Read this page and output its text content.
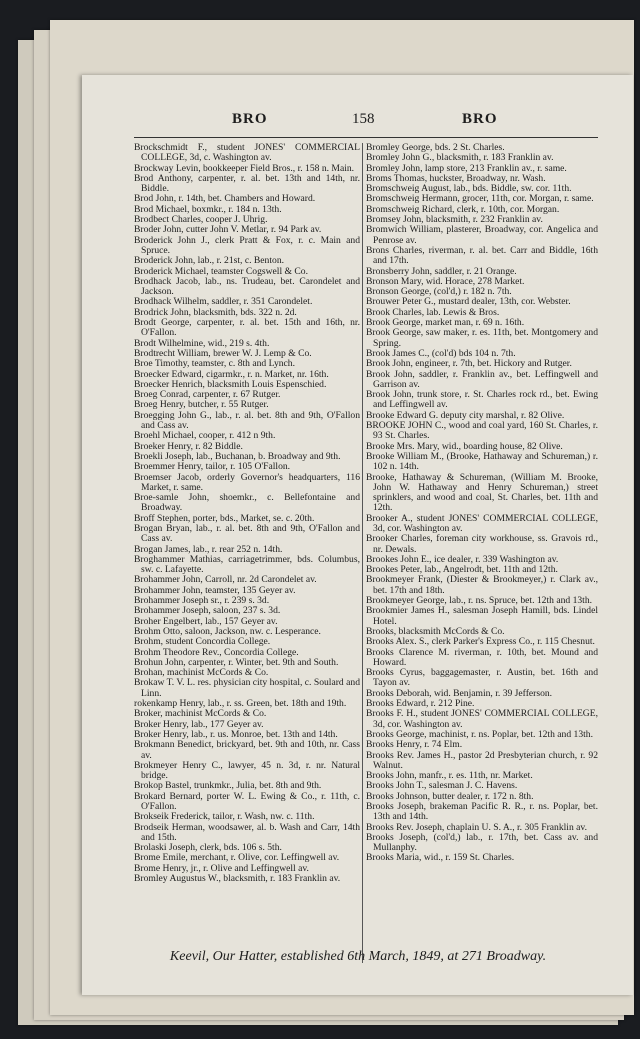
BRO	158	BRO

Brockschmidt F., student JONES' COMMERCIAL COLLEGE, 3d, c. Washington av.

Brockway Levin, bookkeeper Field Bros., r. 158 n. Main.

Brod Anthony, carpenter, r. al. bet. 13th and 14th, nr. Biddle.

Brod John, r. 14th, bet. Chambers and Howard.

Brod Michael, boxmkr., r. 184 n. 13th.

Brodbect Charles, cooper J. Uhrig.

Broder John, cutter John V. Metlar, r. 94 Park av.

Broderick John J., clerk Pratt & Fox, r. c. Main and Spruce.

Broderick John, lab., r. 21st, c. Benton.

Broderick Michael, teamster Cogswell & Co.

Brodhack Jacob, lab., ns. Trudeau, bet. Carondelet and Jackson.

Brodhack Wilhelm, saddler, r. 351 Carondelet.

Brodrick John, blacksmith, bds. 322 n. 2d.

Brodt George, carpenter, r. al. bet. 15th and 16th, nr. O'Fallon.

Brodt Wilhelmine, wid., 219 s. 4th.

Brodtrecht William, brewer W. J. Lemp & Co.

Broe Timothy, teamster, c. 8th and Lynch.

Broecker Edward, cigarmkr., r. n. Market, nr. 16th.

Broecker Henrich, blacksmith Louis Espenschied.

Broeg Conrad, carpenter, r. 67 Rutger.

Broeg Henry, butcher, r. 55 Rutger.

Broegging John G., lab., r. al. bet. 8th and 9th, O'Fallon and Cass av.

Broehl Michael, cooper, r. 412 n 9th.

Broeker Henry, r. 82 Biddle.

Broekli Joseph, lab., Buchanan, b. Broadway and 9th.

Broemmer Henry, tailor, r. 105 O'Fallon.

Broemser Jacob, orderly Governor's headquarters, 116 Market, r. same.

Broe-samle John, shoemkr., c. Bellefontaine and Broadway.

Broff Stephen, porter, bds., Market, se. c. 20th.

Brogan Bryan, lab., r. al. bet. 8th and 9th, O'Fallon and Cass av.

Brogan James, lab., r. rear 252 n. 14th.

Broghammer Mathias, carriagetrimmer, bds. Columbus, sw. c. Lafayette.

Brohammer John, Carroll, nr. 2d Carondelet av.

Brohammer John, teamster, 135 Geyer av.

Brohammer Joseph sr., r. 239 s. 3d.

Brohammer Joseph, saloon, 237 s. 3d.

Broher Engelbert, lab., 157 Geyer av.

Brohm Otto, saloon, Jackson, nw. c. Lesperance.

Brohm, student Concordia College.

Brohm Theodore Rev., Concordia College.

Brohun John, carpenter, r. Winter, bet. 9th and South.

Brohan, machinist McCords & Co.

Brokaw T. V. L. res. physician city hospital, c. Soulard and Linn.

rokenkamp Henry, lab., r. ss. Green, bet. 18th and 19th.

Broker, machinist McCords & Co.

Broker Henry, lab., 177 Geyer av.

Broker Henry, lab., r. us. Monroe, bet. 13th and 14th.

Brokmann Benedict, brickyard, bet. 9th and 10th, nr. Cass av.

Brokmeyer Henry C., lawyer, 45 n. 3d, r. nr. Natural bridge.

Brokop Bastel, trunkmkr., Julia, bet. 8th and 9th.

Brokard Bernard, porter W. L. Ewing & Co., r. 11th, c. O'Fallon.

Brokseik Frederick, tailor, r. Wash, nw. c. 11th.

Brodseik Herman, woodsawer, al. b. Wash and Carr, 14th and 15th.

Brolaski Joseph, clerk, bds. 106 s. 5th.

Brome Emile, merchant, r. Olive, cor. Leffingwell av.

Brome Henry, jr., r. Olive and Leffingwell av.

Bromley Augustus W., blacksmith, r. 183 Franklin av.

Bromley George, bds. 2 St. Charles.

Bromley John G., blacksmith, r. 183 Franklin av.

Bromley John, lamp store, 213 Franklin av., r. same.

Broms Thomas, huckster, Broadway, nr. Wash.

Bromschweig August, lab., bds. Biddle, sw. cor. 11th.

Bromschweig Hermann, grocer, 11th, cor. Morgan, r. same.

Bromschweig Richard, clerk, r. 10th, cor. Morgan.

Bromsey John, blacksmith, r. 232 Franklin av.

Bromwich William, plasterer, Broadway, cor. Angelica and Penrose av.

Brons Charles, riverman, r. al. bet. Carr and Biddle, 16th and 17th.

Bronsberry John, saddler, r. 21 Orange.

Bronson Mary, wid. Horace, 278 Market.

Bronson George, (col'd,) r. 182 n. 7th.

Brouwer Peter G., mustard dealer, 13th, cor. Webster.

Brook Charles, lab. Lewis & Bros.

Brook George, market man, r. 69 n. 16th.

Brook George, saw maker, r. es. 11th, bet. Montgomery and Spring.

Brook James C., (col'd) bds 104 n. 7th.

Brook John, engineer, r. 7th, bet. Hickory and Rutger.

Brook John, saddler, r. Franklin av., bet. Leffingwell and Garrison av.

Brook John, trunk store, r. St. Charles rock rd., bet. Ewing and Leffingwell av.

Brooke Edward G. deputy city marshal, r. 82 Olive.

BROOKE JOHN C., wood and coal yard, 160 St. Charles, r. 93 St. Charles.

Brooke Mrs. Mary, wid., boarding house, 82 Olive.

Brooke William M., (Brooke, Hathaway and Schureman,) r. 102 n. 14th.

Brooke, Hathaway & Schureman, (William M. Brooke, John W. Hathaway and Henry Schureman,) street sprinklers, and wood and coal, St. Charles, bet. 11th and 12th.

Brooker A., student JONES' COMMERCIAL COLLEGE, 3d, cor. Washington av.

Brooker Charles, foreman city workhouse, ss. Gravois rd., nr. Dewals.

Brookes John E., ice dealer, r. 339 Washington av.

Brookes Peter, lab., Angelrodt, bet. 11th and 12th.

Brookmeyer Frank, (Diester & Brookmeyer,) r. Clark av., bet. 17th and 18th.

Brookmeyer George, lab., r. ns. Spruce, bet. 12th and 13th.

Brookmier James H., salesman Joseph Hamill, bds. Lindel Hotel.

Brooks, blacksmith McCords & Co.

Brooks Alex. S., clerk Parker's Express Co., r. 115 Chesnut.

Brooks Clarence M. riverman, r. 10th, bet. Mound and Howard.

Brooks Cyrus, baggagemaster, r. Austin, bet. 16th and Tayon av.

Brooks Deborah, wid. Benjamin, r. 39 Jefferson.

Brooks Edward, r. 212 Pine.

Brooks F. H., student JONES' COMMERCIAL COLLEGE, 3d, cor. Washington av.

Brooks George, machinist, r. ns. Poplar, bet. 12th and 13th.

Brooks Henry, r. 74 Elm.

Brooks Rev. James H., pastor 2d Presbyterian church, r. 92 Walnut.

Brooks John, manfr., r. es. 11th, nr. Market.

Brooks John T., salesman J. C. Havens.

Brooks Johnson, butter dealer, r. 172 n. 8th.

Brooks Joseph, brakeman Pacific R. R., r. ns. Poplar, bet. 13th and 14th.

Brooks Rev. Joseph, chaplain U. S. A., r. 305 Franklin av.

Brooks Joseph, (col'd,) lab., r. 17th, bet. Cass av. and Mullanphy.

Brooks Maria, wid., r. 159 St. Charles.

Keevil, Our Hatter, established 6th March, 1849, at 271 Broadway.
